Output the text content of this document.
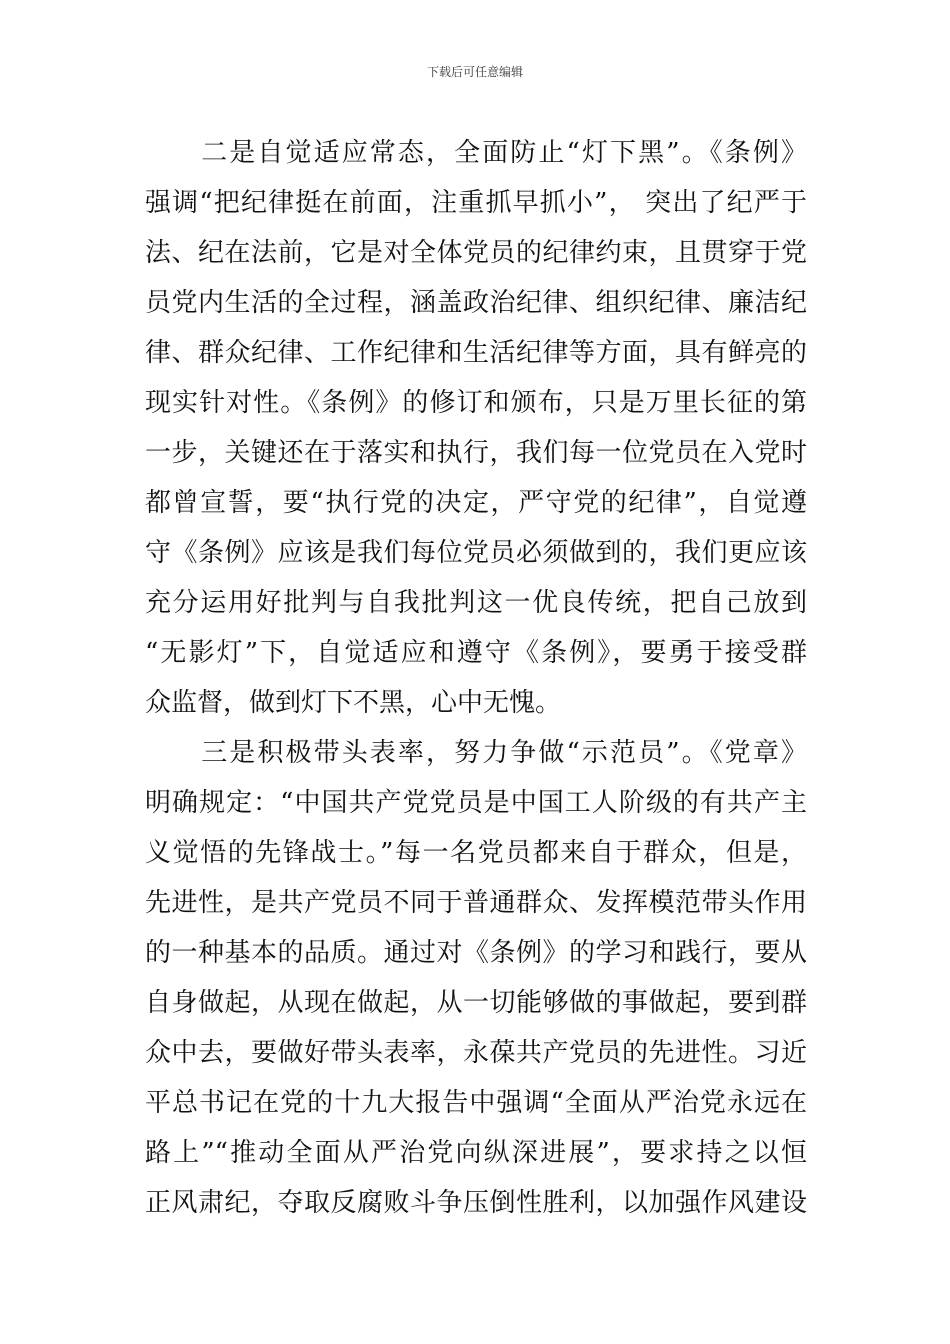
下载后可任意编辑
　　二是自觉适应常态，全面防止“灯下黑”。《条例》
强调“把纪律挺在前面，注重抓早抓小”， 突出了纪严于
法、纪在法前，它是对全体党员的纪律约束，且贯穿于党
员党内生活的全过程，涵盖政治纪律、组织纪律、廉洁纪
律、群众纪律、工作纪律和生活纪律等方面，具有鲜亮的
现实针对性。《条例》的修订和颁布，只是万里长征的第
一步，关键还在于落实和执行，我们每一位党员在入党时
都曾宣誓，要“执行党的决定，严守党的纪律”，自觉遵
守《条例》应该是我们每位党员必须做到的，我们更应该
充分运用好批判与自我批判这一优良传统，把自己放到
“无影灯”下，自觉适应和遵守《条例》，要勇于接受群
众监督，做到灯下不黑，心中无愧。
　　三是积极带头表率，努力争做“示范员”。《党章》
明确规定：“中国共产党党员是中国工人阶级的有共产主
义觉悟的先锋战士。”每一名党员都来自于群众，但是，
先进性，是共产党员不同于普通群众、发挥模范带头作用
的一种基本的品质。通过对《条例》的学习和践行，要从
自身做起，从现在做起，从一切能够做的事做起，要到群
众中去，要做好带头表率，永葆共产党员的先进性。习近
平总书记在党的十九大报告中强调“全面从严治党永远在
路上”“推动全面从严治党向纵深进展”，要求持之以恒
正风肃纪，夺取反腐败斗争压倒性胜利，以加强作风建设
